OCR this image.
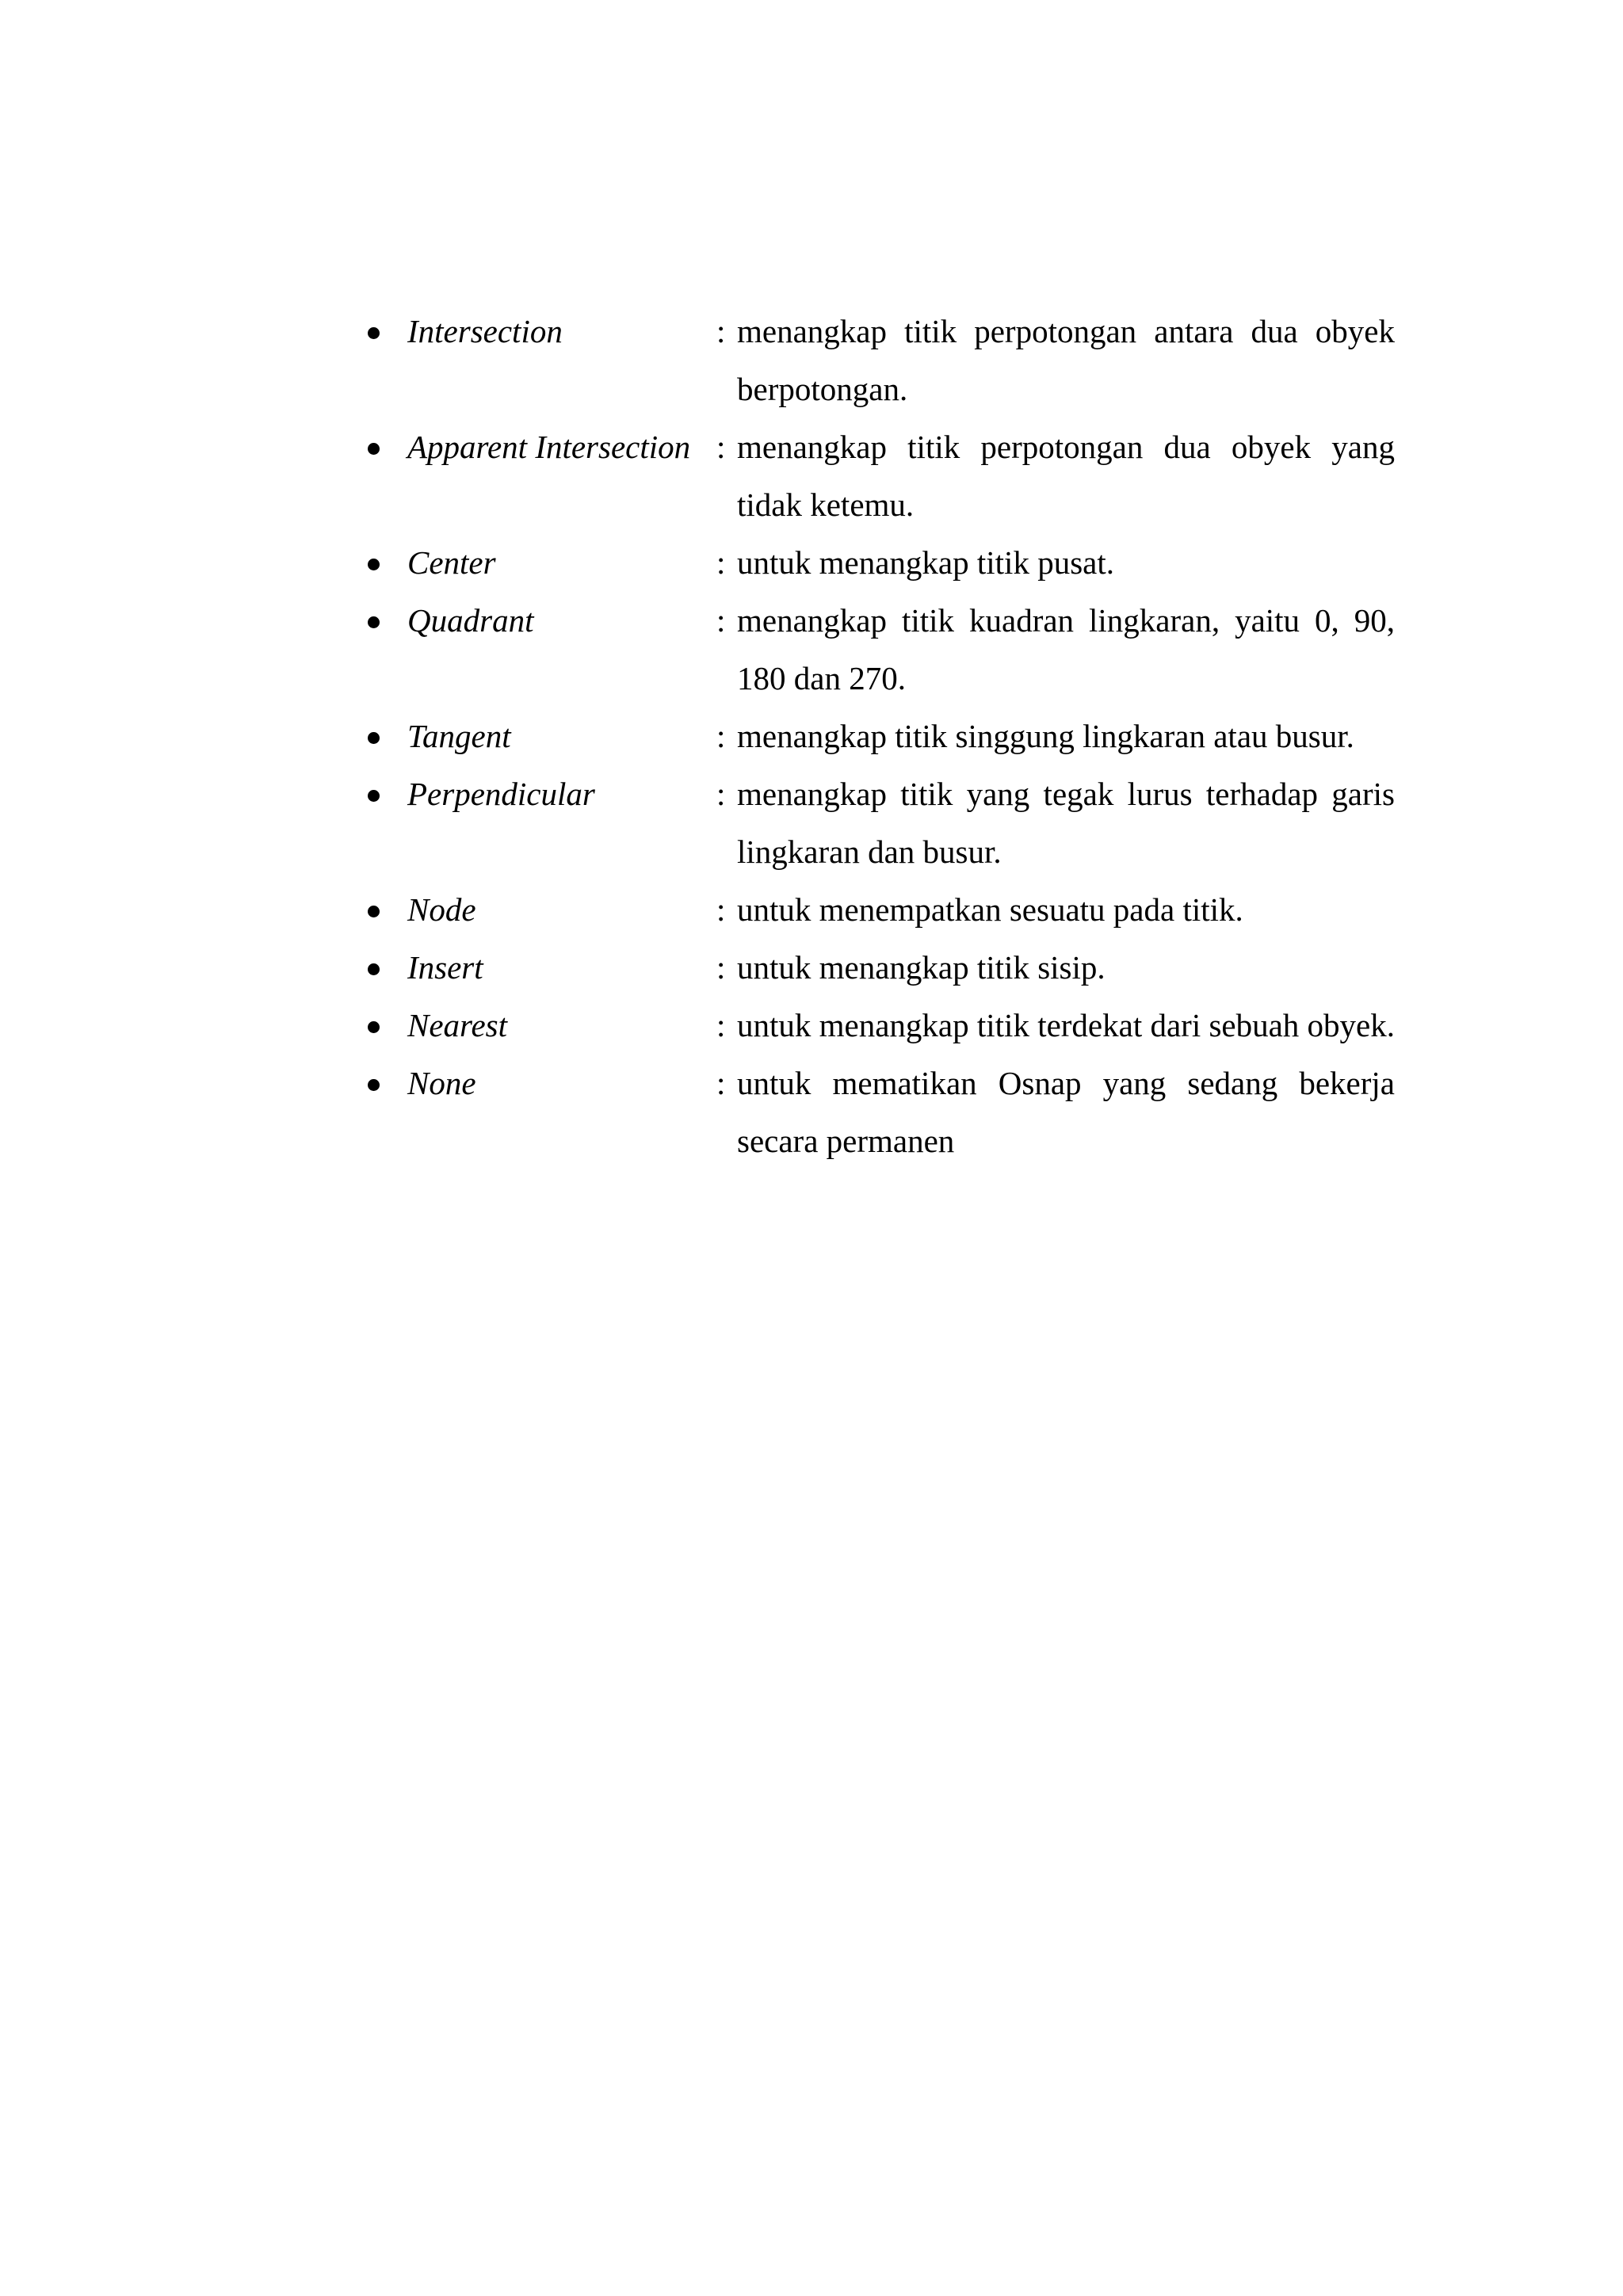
Intersection	: menangkap titik perpotongan antara dua obyek berpotongan.
Apparent Intersection : menangkap titik perpotongan dua obyek yang tidak ketemu.
Center	: untuk menangkap titik pusat.
Quadrant	: menangkap titik kuadran lingkaran, yaitu 0, 90, 180 dan 270.
Tangent	: menangkap titik singgung lingkaran atau busur.
Perpendicular	: menangkap titik yang tegak lurus terhadap garis lingkaran dan busur.
Node	: untuk menempatkan sesuatu pada titik.
Insert	: untuk menangkap titik sisip.
Nearest	: untuk menangkap titik terdekat dari sebuah obyek.
None	: untuk mematikan Osnap yang sedang bekerja secara permanen
